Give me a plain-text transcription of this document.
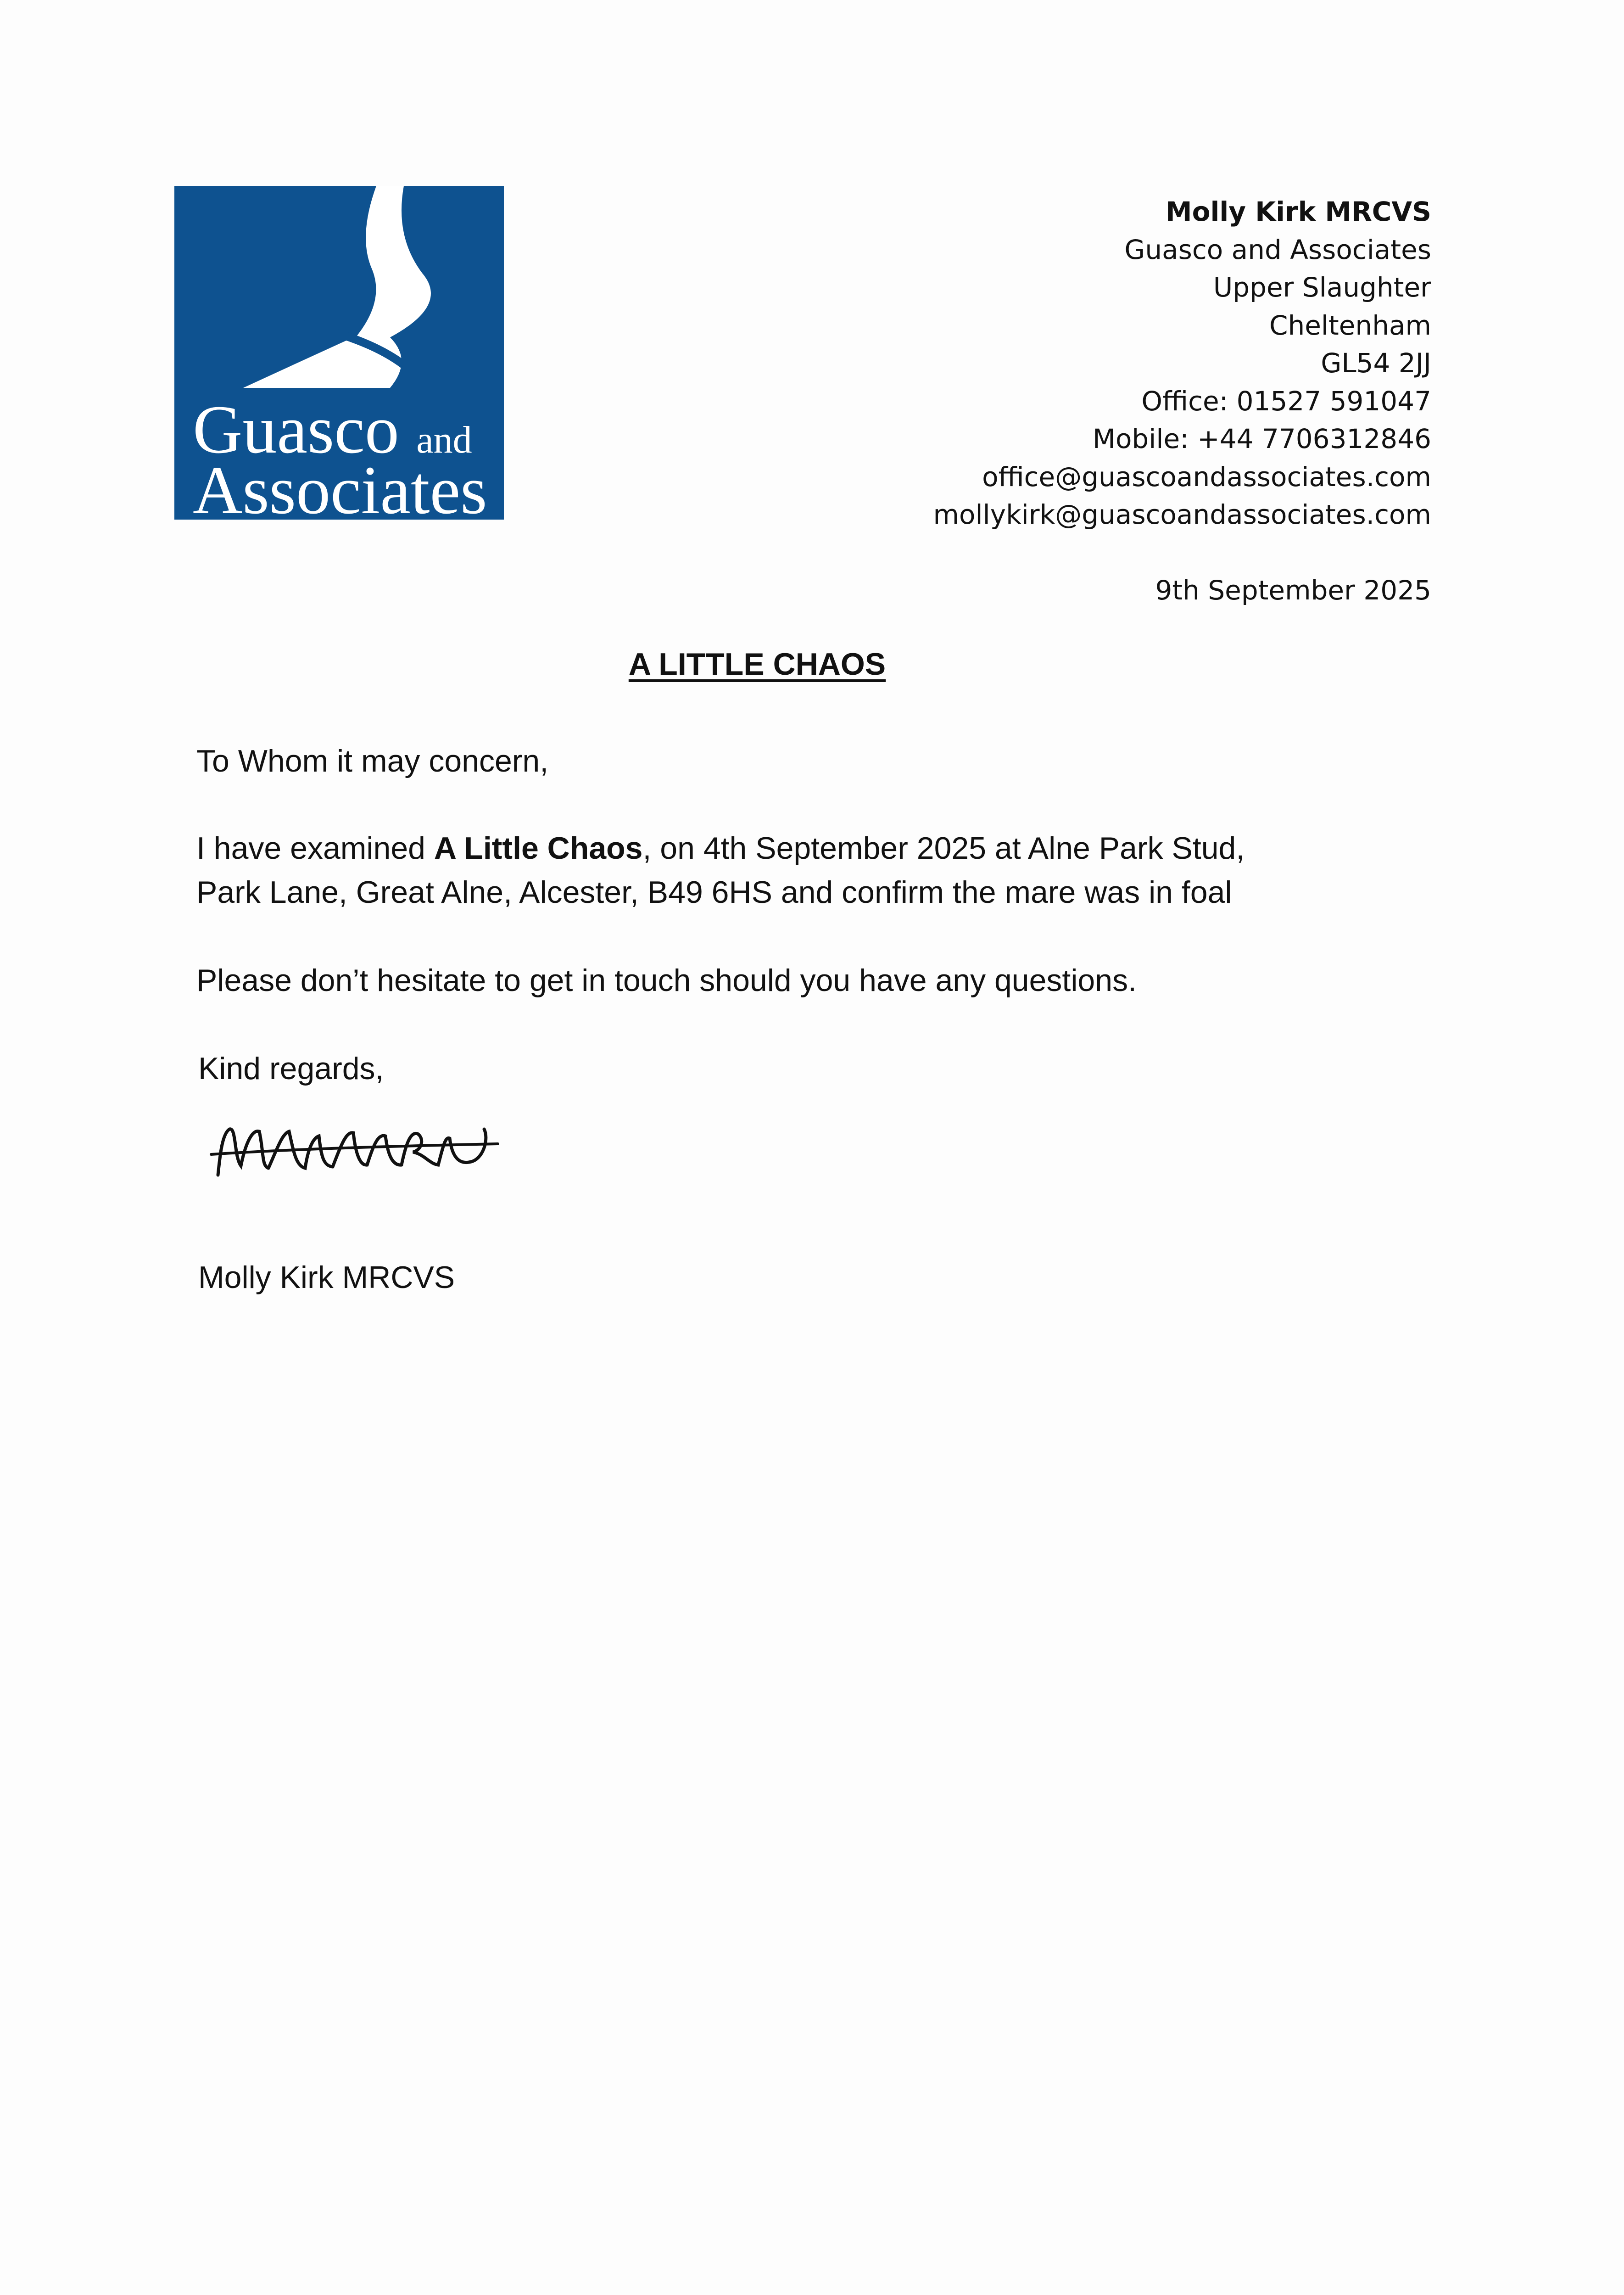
Guasco and
Associates
Molly Kirk MRCVS
Guasco and Associates
Upper Slaughter
Cheltenham
GL54 2JJ
Office: 01527 591047
Mobile: +44 7706312846
office@guascoandassociates.com
mollykirk@guascoandassociates.com
9th September 2025
A LITTLE CHAOS
To Whom it may concern,
I have examined A Little Chaos, on 4th September 2025 at Alne Park Stud,
Park Lane, Great Alne, Alcester, B49 6HS and confirm the mare was in foal
Please don’t hesitate to get in touch should you have any questions.
Kind regards,
Molly Kirk MRCVS
